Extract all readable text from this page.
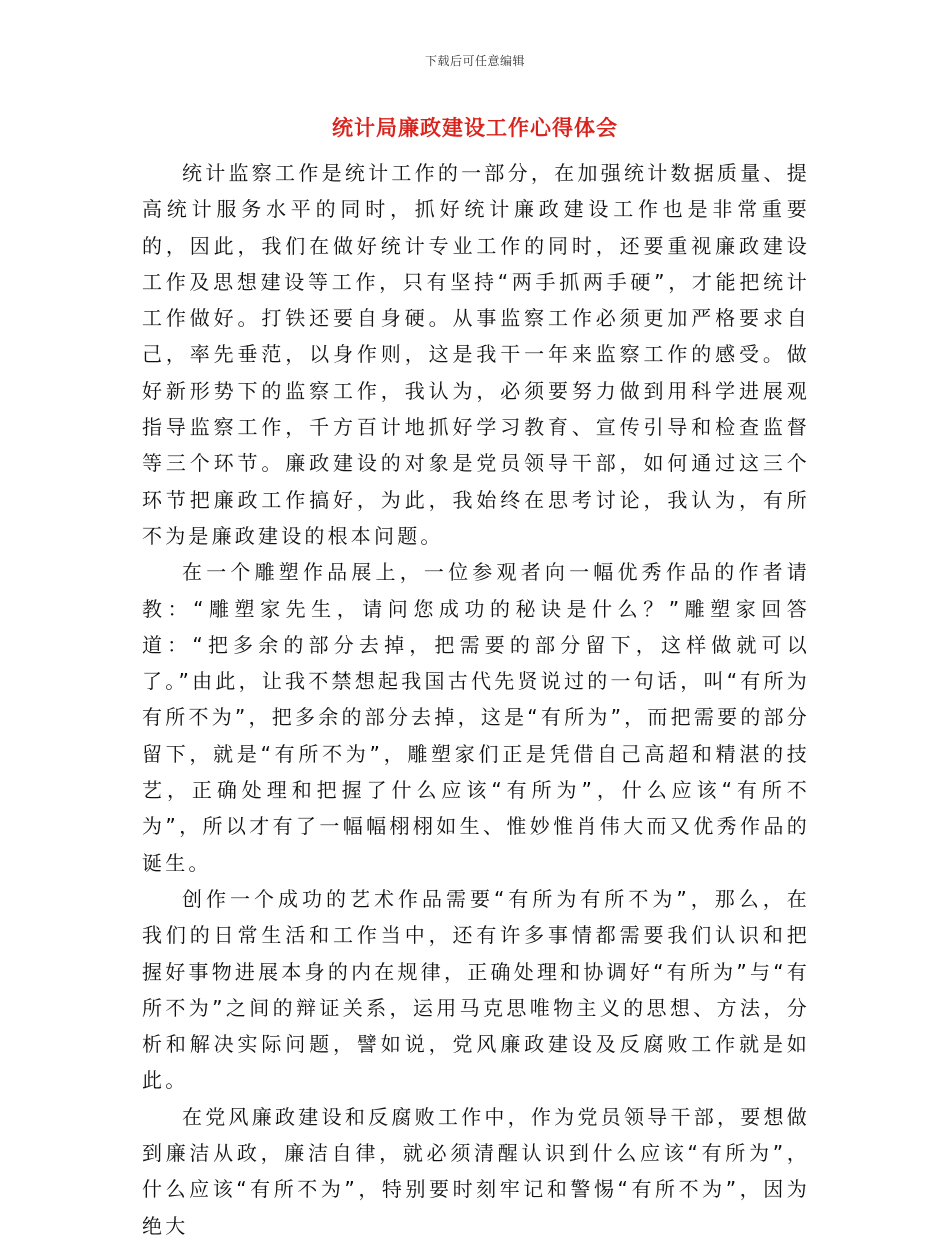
下载后可任意编辑
统计局廉政建设工作心得体会

统计监察工作是统计工作的一部分，在加强统计数据质量、提高统计服务水平的同时，抓好统计廉政建设工作也是非常重要的，因此，我们在做好统计专业工作的同时，还要重视廉政建设工作及思想建设等工作，只有坚持“两手抓两手硬”，才能把统计工作做好。打铁还要自身硬。从事监察工作必须更加严格要求自己，率先垂范，以身作则，这是我干一年来监察工作的感受。做好新形势下的监察工作，我认为，必须要努力做到用科学进展观指导监察工作，千方百计地抓好学习教育、宣传引导和检查监督等三个环节。廉政建设的对象是党员领导干部，如何通过这三个环节把廉政工作搞好，为此，我始终在思考讨论，我认为，有所不为是廉政建设的根本问题。

在一个雕塑作品展上，一位参观者向一幅优秀作品的作者请教：“雕塑家先生，请问您成功的秘诀是什么？”雕塑家回答道：“把多余的部分去掉，把需要的部分留下，这样做就可以了。”由此，让我不禁想起我国古代先贤说过的一句话，叫“有所为有所不为”，把多余的部分去掉，这是“有所为”，而把需要的部分留下，就是“有所不为”，雕塑家们正是凭借自己高超和精湛的技艺，正确处理和把握了什么应该“有所为”，什么应该“有所不为”，所以才有了一幅幅栩栩如生、惟妙惟肖伟大而又优秀作品的诞生。

创作一个成功的艺术作品需要“有所为有所不为”，那么，在我们的日常生活和工作当中，还有许多事情都需要我们认识和把握好事物进展本身的内在规律，正确处理和协调好“有所为”与“有所不为”之间的辩证关系，运用马克思唯物主义的思想、方法，分析和解决实际问题，譬如说，党风廉政建设及反腐败工作就是如此。

在党风廉政建设和反腐败工作中，作为党员领导干部，要想做到廉洁从政，廉洁自律，就必须清醒认识到什么应该“有所为”，什么应该“有所不为”，特别要时刻牢记和警惕“有所不为”，因为绝大
